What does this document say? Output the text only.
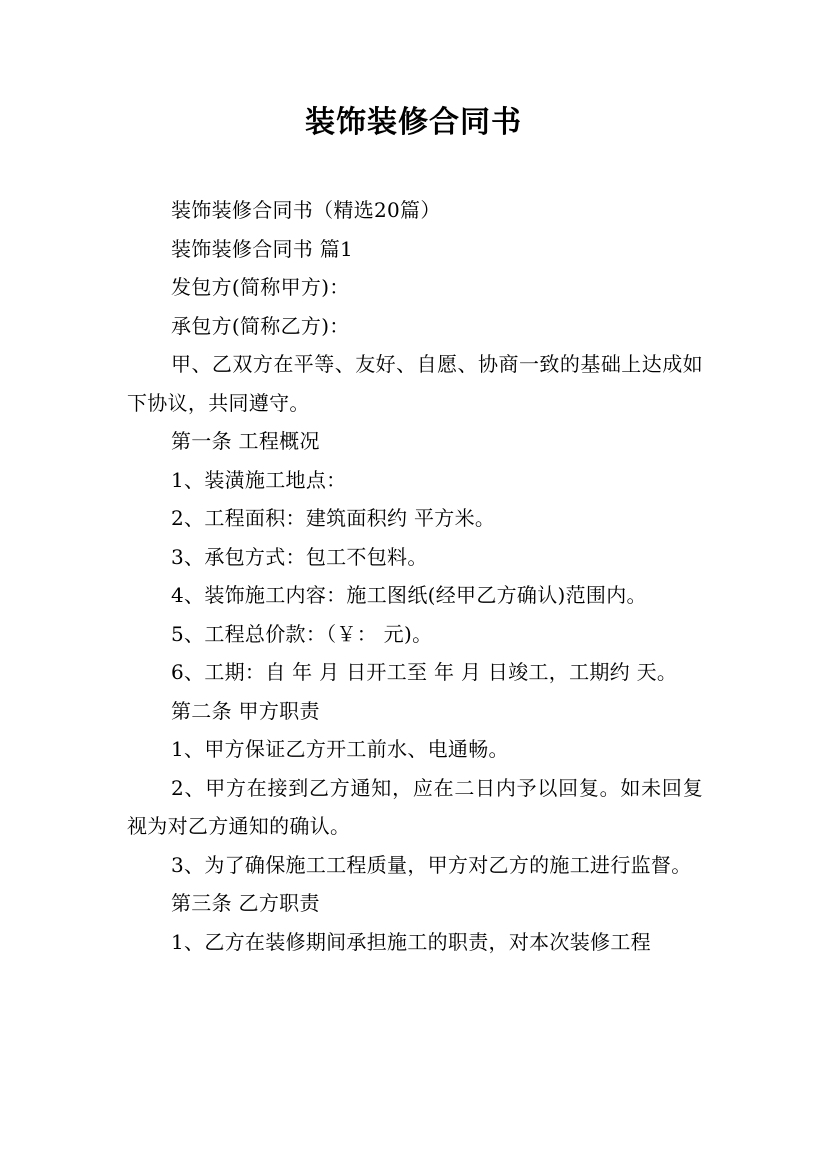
装饰装修合同书

装饰装修合同书（精选20篇）

装饰装修合同书 篇1

发包方(简称甲方)：

承包方(简称乙方)：

甲、乙双方在平等、友好、自愿、协商一致的基础上达成如下协议，共同遵守。

第一条 工程概况

1、装潢施工地点：

2、工程面积：建筑面积约 平方米。

3、承包方式：包工不包料。

4、装饰施工内容：施工图纸(经甲乙方确认)范围内。

5、工程总价款：（￥： 元)。

6、工期：自 年 月 日开工至 年 月 日竣工，工期约 天。

第二条 甲方职责

1、甲方保证乙方开工前水、电通畅。

2、甲方在接到乙方通知，应在二日内予以回复。如未回复视为对乙方通知的确认。

3、为了确保施工工程质量，甲方对乙方的施工进行监督。

第三条 乙方职责

1、乙方在装修期间承担施工的职责，对本次装修工程
